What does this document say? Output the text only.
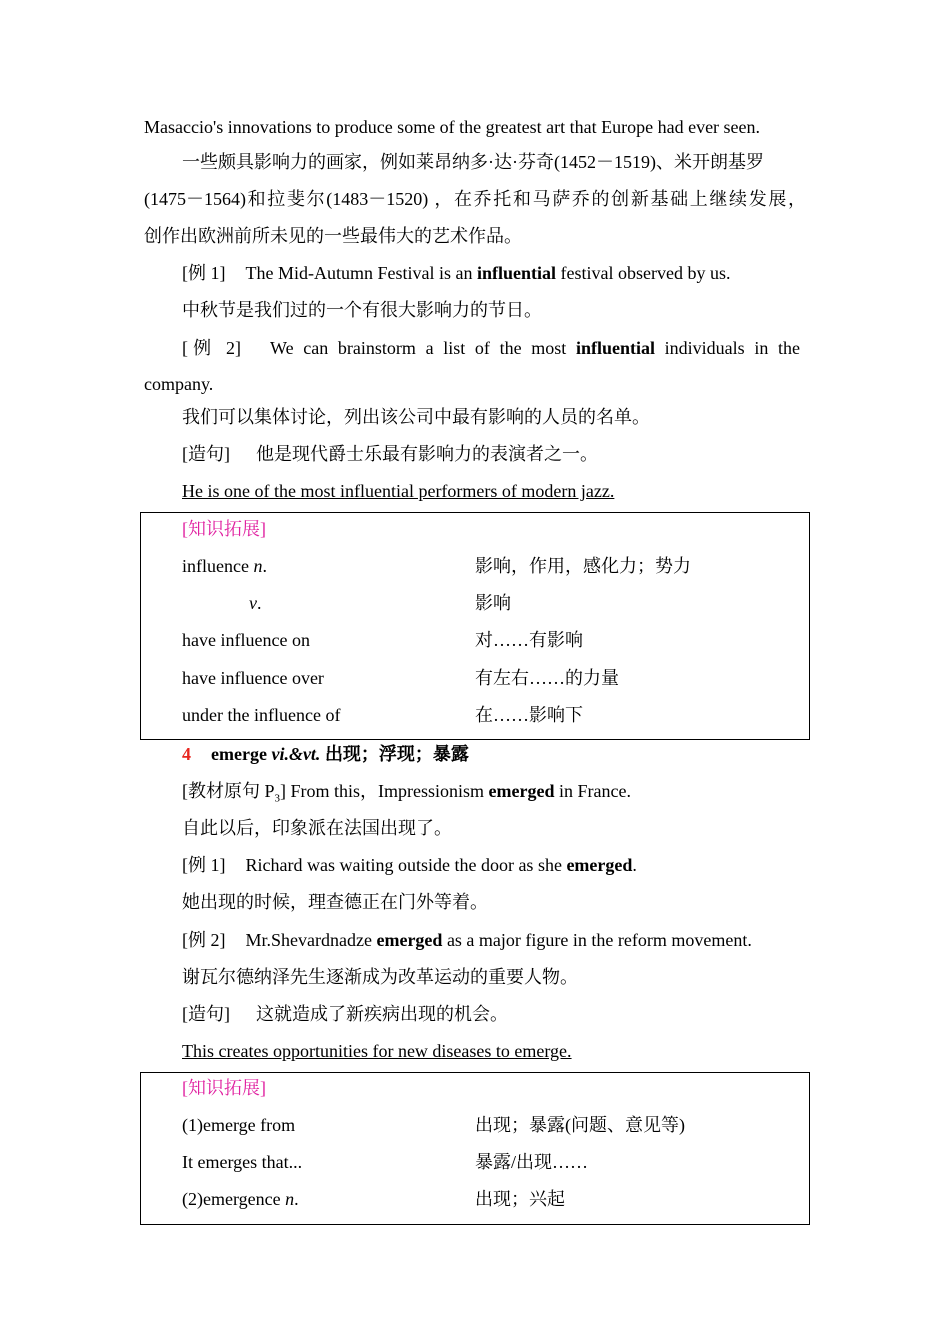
Masaccio's innovations to produce some of the greatest art that Europe had ever seen.
一些颇具影响力的画家，例如莱昂纳多·达·芬奇(1452－1519)、米开朗基罗
(1475－1564)和拉斐尔(1483－1520) ，在乔托和马萨乔的创新基础上继续发展，
创作出欧洲前所未见的一些最伟大的艺术作品。
[例 1] The Mid-Autumn Festival is an influential festival observed by us.
中秋节是我们过的一个有很大影响力的节日。
[例 2] We can brainstorm a list of the most influential individuals in the
company.
我们可以集体讨论，列出该公司中最有影响的人员的名单。
[造句] 他是现代爵士乐最有影响力的表演者之一。
He is one of the most influential performers of modern jazz.
[知识拓展]
influence n.	影响，作用，感化力；势力
v.	影响
have influence on	对……有影响
have influence over	有左右……的力量
under the influence of	在……影响下
4 emerge vi.&vt. 出现；浮现；暴露
[教材原句 $P_3$] From this，Impressionism emerged in France.
自此以后，印象派在法国出现了。
[例 1] Richard was waiting outside the door as she emerged.
她出现的时候，理查德正在门外等着。
[例 2] Mr.Shevardnadze emerged as a major figure in the reform movement.
谢瓦尔德纳泽先生逐渐成为改革运动的重要人物。
[造句] 这就造成了新疾病出现的机会。
This creates opportunities for new diseases to emerge.
[知识拓展]
(1)emerge from	出现；暴露(问题、意见等)
It emerges that...	暴露/出现……
(2)emergence n.	出现；兴起
